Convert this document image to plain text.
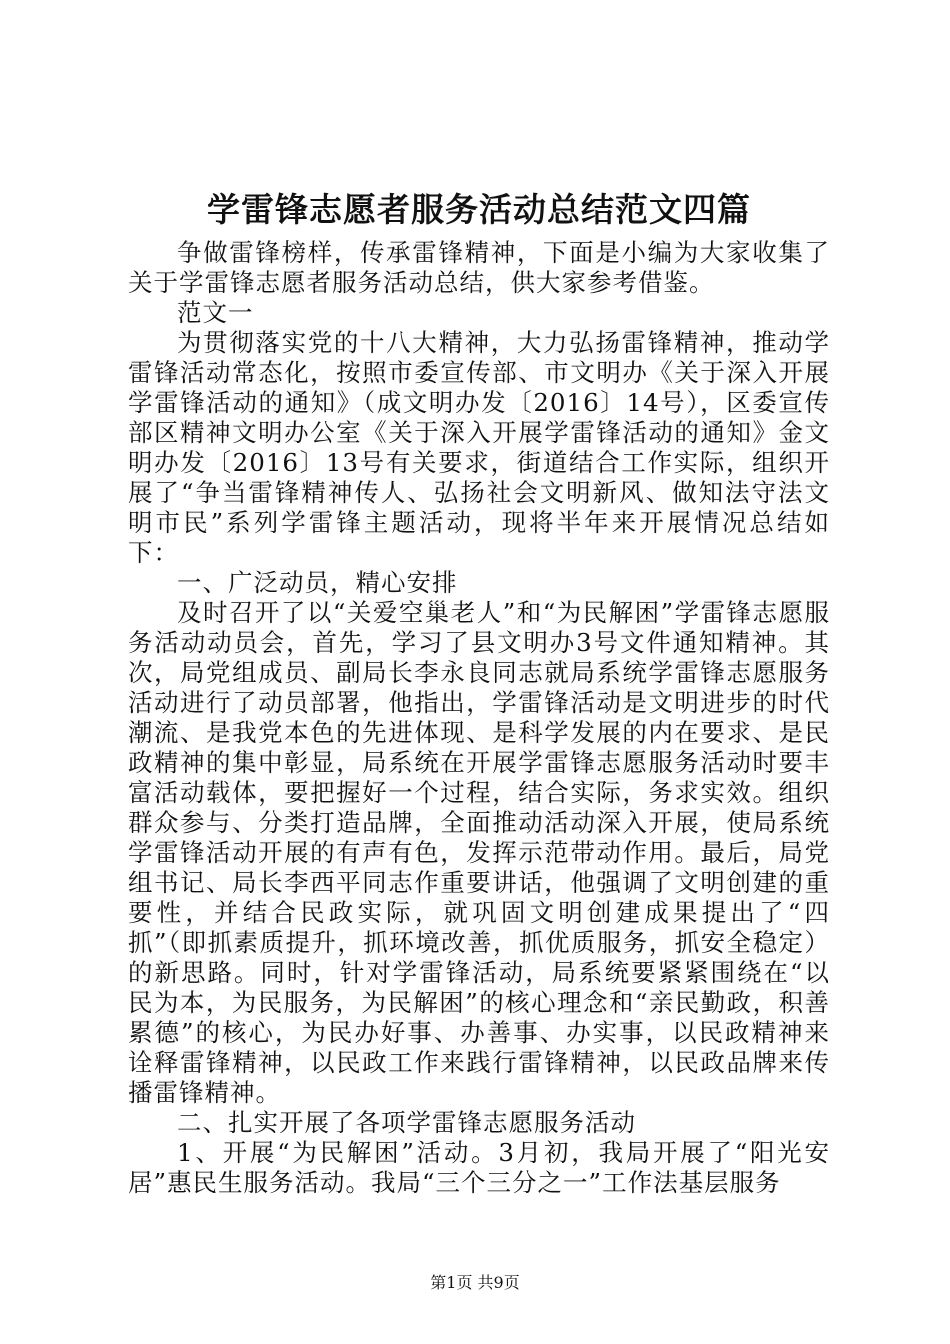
学雷锋志愿者服务活动总结范文四篇

争做雷锋榜样，传承雷锋精神，下面是小编为大家收集了关于学雷锋志愿者服务活动总结，供大家参考借鉴。

范文一

为贯彻落实党的十八大精神，大力弘扬雷锋精神，推动学雷锋活动常态化，按照市委宣传部、市文明办《关于深入开展学雷锋活动的通知》（成文明办发〔2016〕14号），区委宣传部区精神文明办公室《关于深入开展学雷锋活动的通知》金文明办发〔2016〕13号有关要求，街道结合工作实际，组织开展了“争当雷锋精神传人、弘扬社会文明新风、做知法守法文明市民”系列学雷锋主题活动，现将半年来开展情况总结如下：

一、广泛动员，精心安排

及时召开了以“关爱空巢老人”和“为民解困”学雷锋志愿服务活动动员会，首先，学习了县文明办3号文件通知精神。其次，局党组成员、副局长李永良同志就局系统学雷锋志愿服务活动进行了动员部署，他指出，学雷锋活动是文明进步的时代潮流、是我党本色的先进体现、是科学发展的内在要求、是民政精神的集中彰显，局系统在开展学雷锋志愿服务活动时要丰富活动载体，要把握好一个过程，结合实际，务求实效。组织群众参与、分类打造品牌，全面推动活动深入开展，使局系统学雷锋活动开展的有声有色，发挥示范带动作用。最后，局党组书记、局长李西平同志作重要讲话，他强调了文明创建的重要性，并结合民政实际，就巩固文明创建成果提出了“四抓”（即抓素质提升，抓环境改善，抓优质服务，抓安全稳定）的新思路。同时，针对学雷锋活动，局系统要紧紧围绕在“以民为本，为民服务，为民解困”的核心理念和“亲民勤政，积善累德”的核心，为民办好事、办善事、办实事，以民政精神来诠释雷锋精神，以民政工作来践行雷锋精神，以民政品牌来传播雷锋精神。

二、扎实开展了各项学雷锋志愿服务活动

1、开展“为民解困”活动。3月初，我局开展了“阳光安居”惠民生服务活动。我局“三个三分之一”工作法基层服务

第1页 共9页
